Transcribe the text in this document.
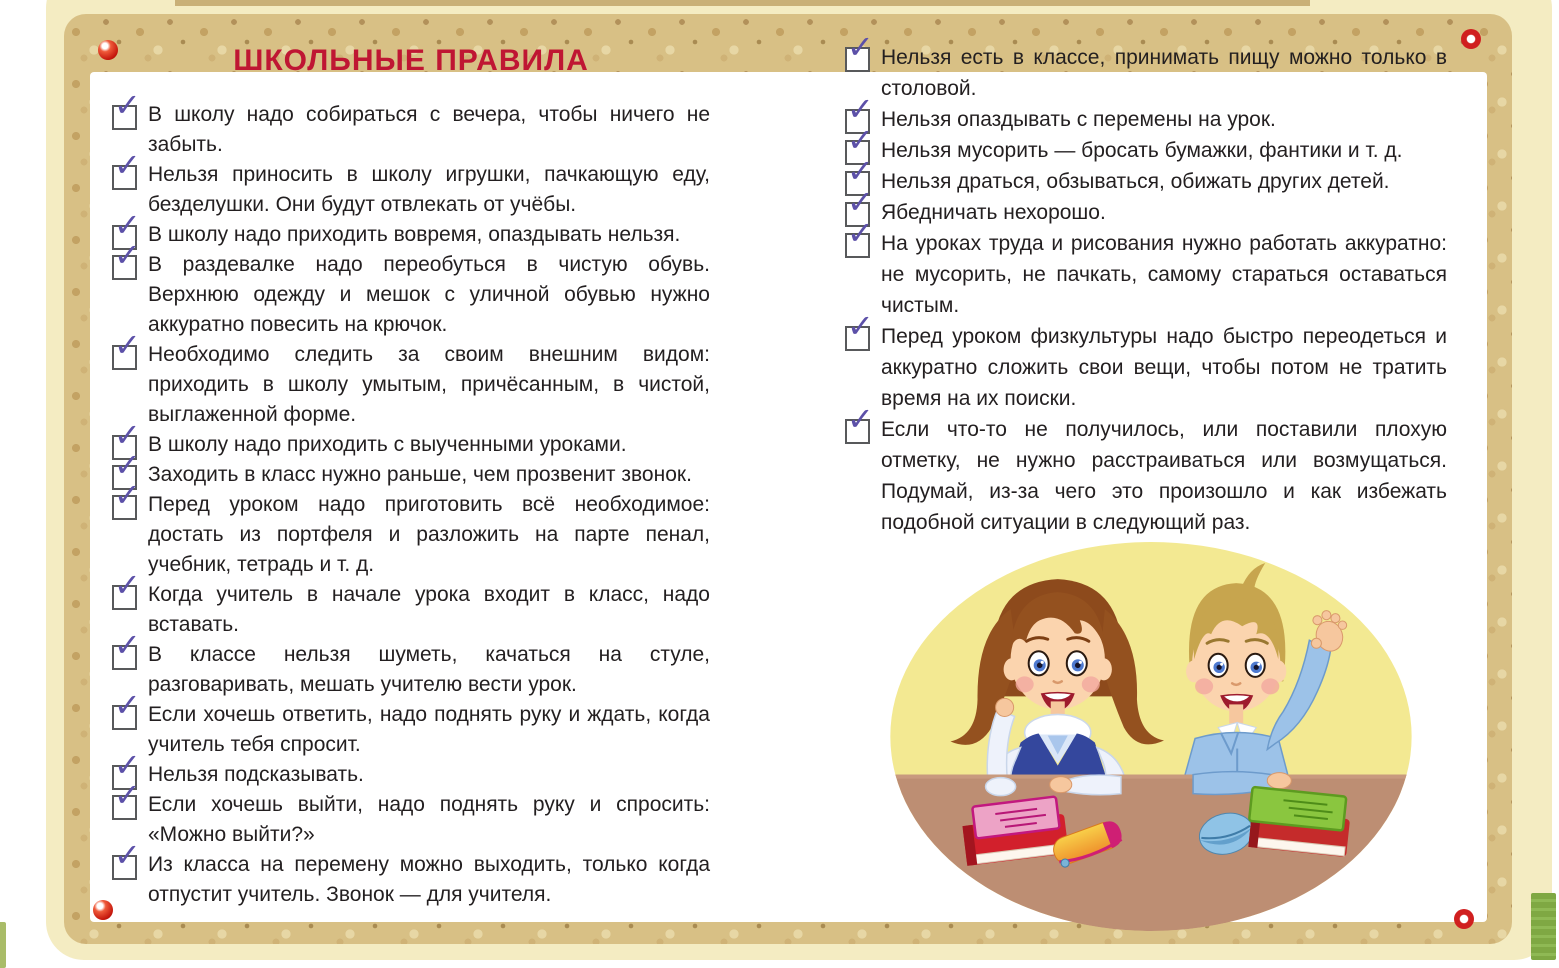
ШКОЛЬНЫЕ ПРАВИЛА
✓ В школу надо собираться с вечера, чтобы ничего не забыть.
✓ Нельзя приносить в школу игрушки, пачкающую еду, безделушки. Они будут отвлекать от учёбы.
✓ В школу надо приходить вовремя, опаздывать нельзя.
✓ В раздевалке надо переобуться в чистую обувь. Верхнюю одежду и мешок с уличной обувью нужно аккуратно повесить на крючок.
✓ Необходимо следить за своим внешним видом: приходить в школу умытым, причёсанным, в чистой, выглаженной форме.
✓ В школу надо приходить с выученными уроками.
✓ Заходить в класс нужно раньше, чем прозвенит звонок.
✓ Перед уроком надо приготовить всё необходимое: достать из портфеля и разложить на парте пенал, учебник, тетрадь и т. д.
✓ Когда учитель в начале урока входит в класс, надо вставать.
✓ В классе нельзя шуметь, качаться на стуле, разговаривать, мешать учителю вести урок.
✓ Если хочешь ответить, надо поднять руку и ждать, когда учитель тебя спросит.
✓ Нельзя подсказывать.
✓ Если хочешь выйти, надо поднять руку и спросить: «Можно выйти?»
✓ Из класса на перемену можно выходить, только когда отпустит учитель. Звонок — для учителя.
✓ Нельзя есть в классе, принимать пищу можно только в столовой.
✓ Нельзя опаздывать с перемены на урок.
✓ Нельзя мусорить — бросать бумажки, фантики и т. д.
✓ Нельзя драться, обзываться, обижать других детей.
✓ Ябедничать нехорошо.
✓ На уроках труда и рисования нужно работать аккуратно: не мусорить, не пачкать, самому стараться оставаться чистым.
✓ Перед уроком физкультуры надо быстро переодеться и аккуратно сложить свои вещи, чтобы потом не тратить время на их поиски.
✓ Если что-то не получилось, или поставили плохую отметку, не нужно расстраиваться или возмущаться. Подумай, из-за чего это произошло и как избежать подобной ситуации в следующий раз.
